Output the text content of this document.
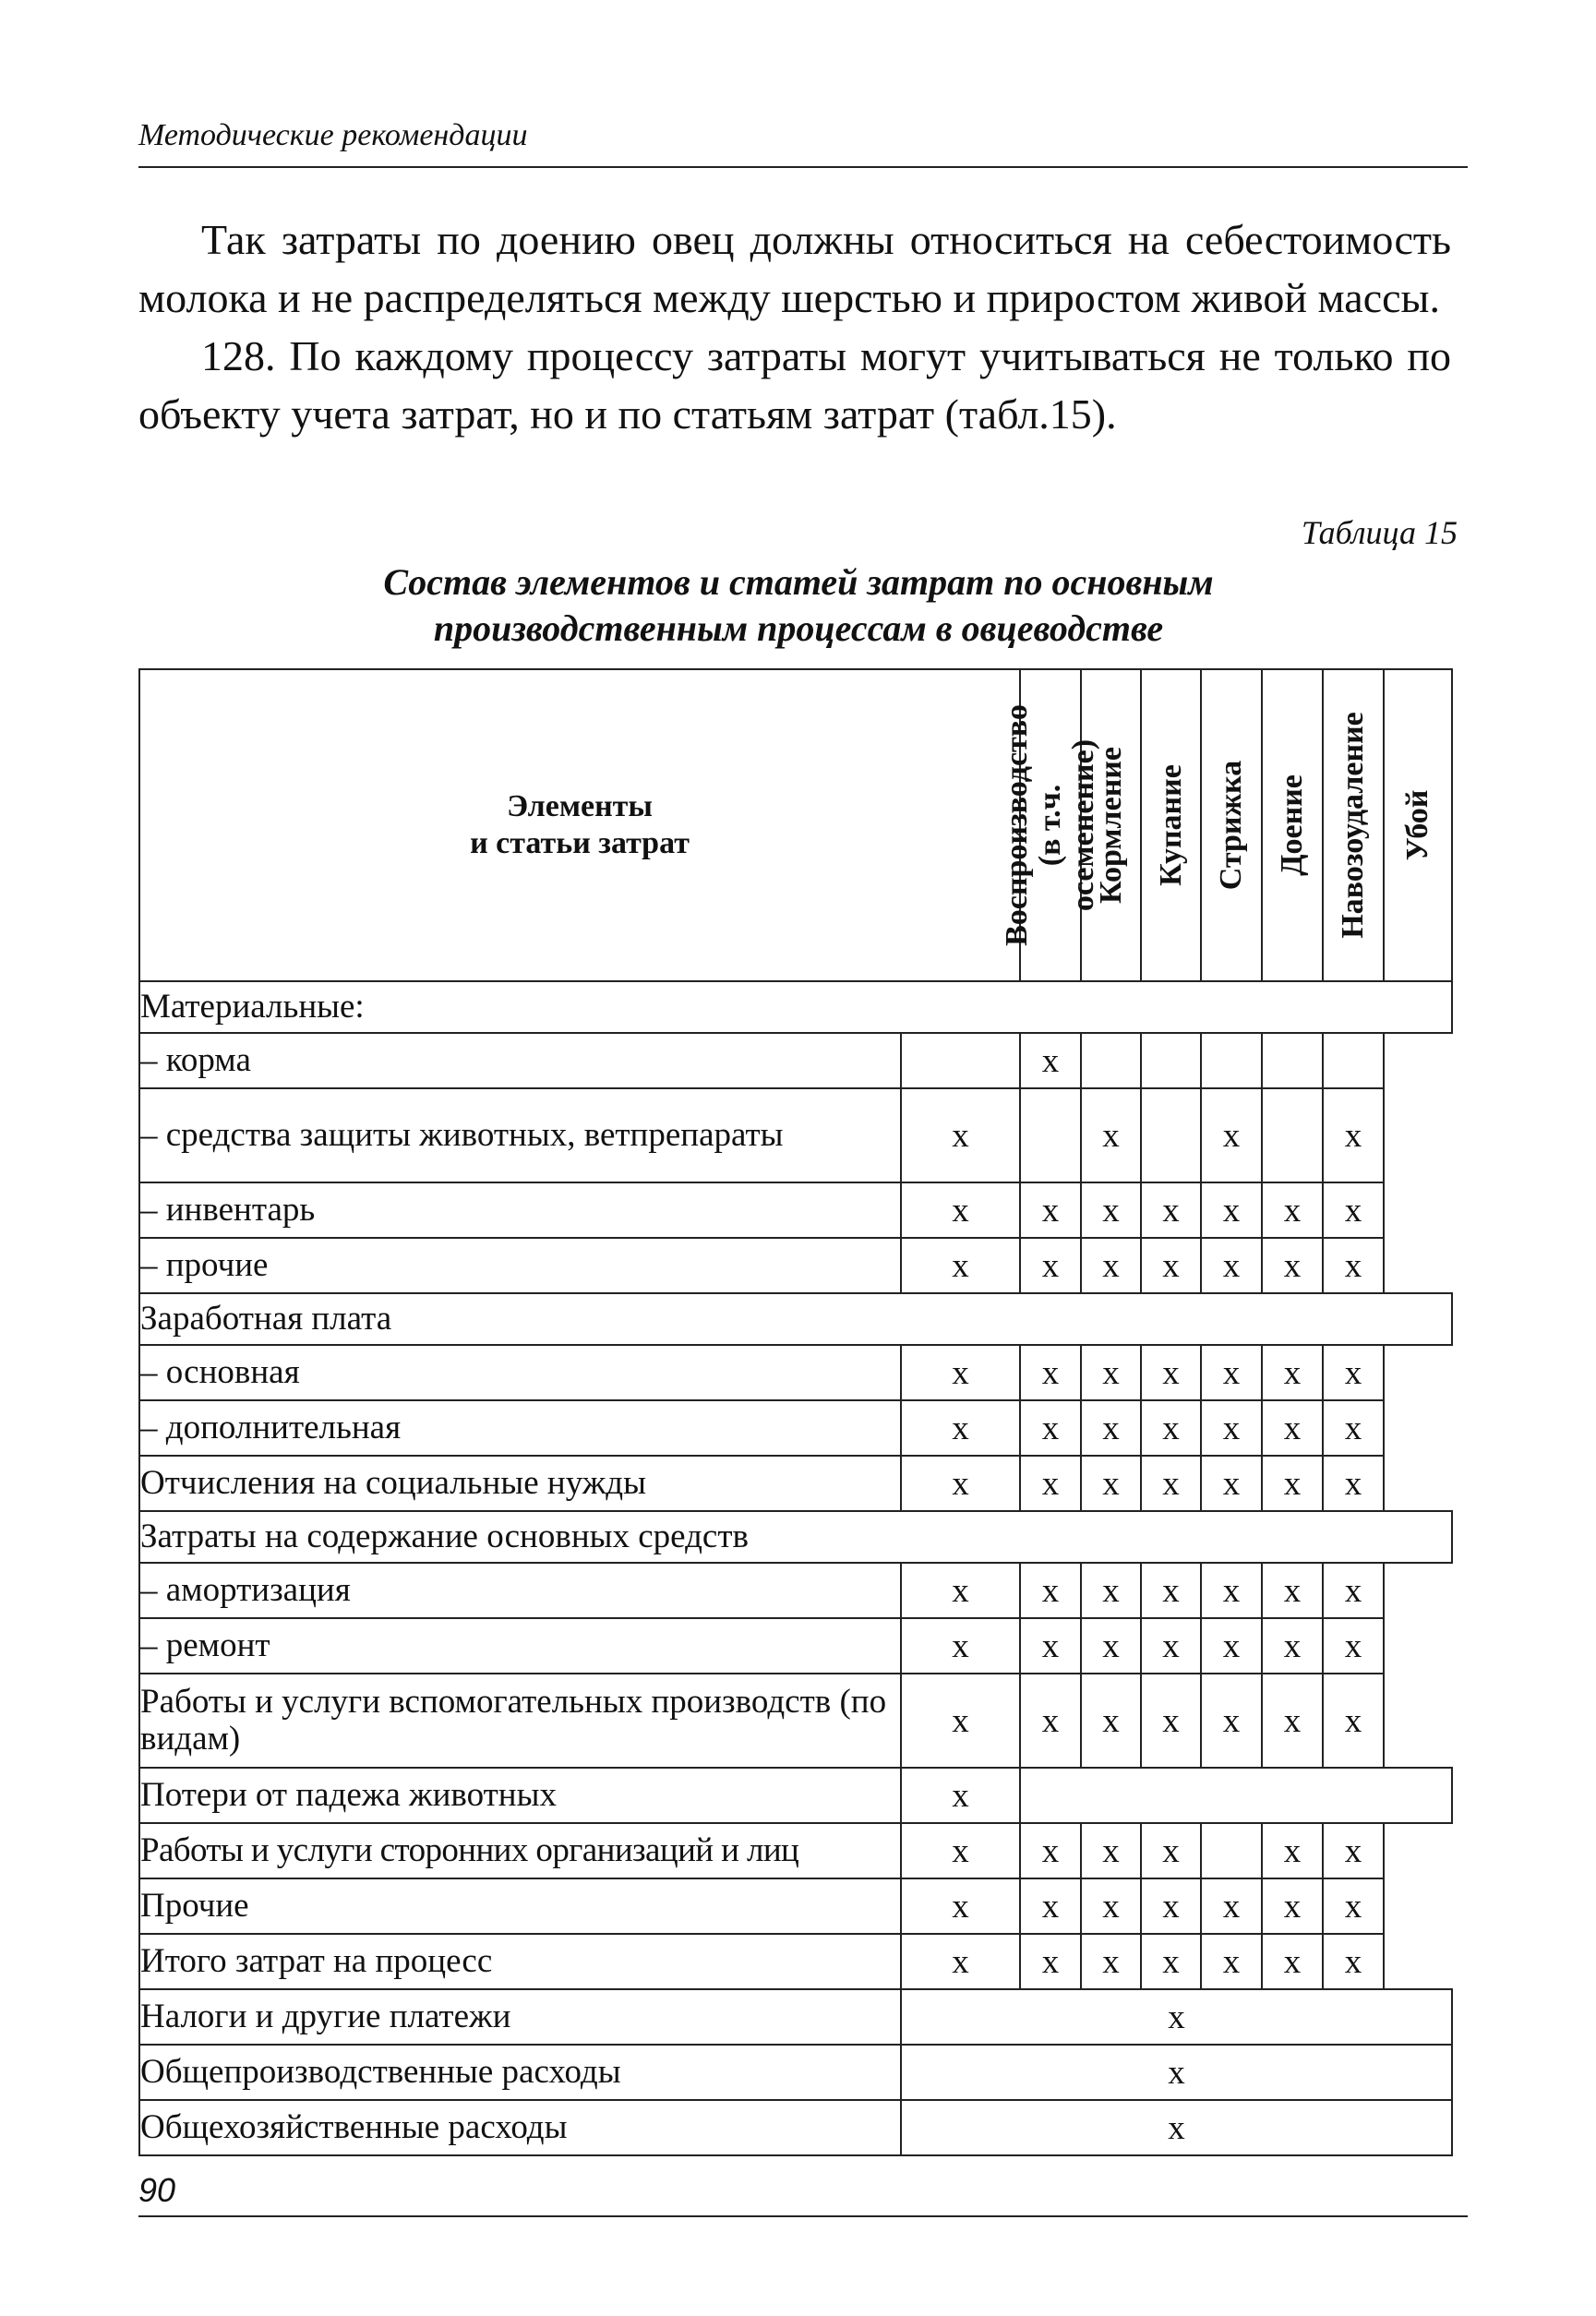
Методические рекомендации

Так затраты по доению овец должны относиться на себестоимость молока и не распределяться между шерстью и приростом живой массы.

128. По каждому процессу затраты могут учитываться не только по объекту учета затрат, но и по статьям затрат (табл.15).

Таблица 15
Состав элементов и статей затрат по основным
производственным процессам в овцеводстве
Элементы
и статьи затрат		Воспроизводство (в т.ч. осеменение)	Кормление	Купание	Стрижка	Доение	Навозоудаление	Убой

Материальные:								
– корма		х						
– средства защиты животных, ветпрепараты	х		х		х		х	
– инвентарь	х	х	х	х	х	х	х	
– прочие	х	х	х	х	х	х	х	
Заработная плата								
– основная	х	х	х	х	х	х	х	
– дополнительная	х	х	х	х	х	х	х	
Отчисления на социальные нужды	х	х	х	х	х	х	х	
Затраты на содержание основных средств								
– амортизация	х	х	х	х	х	х	х	
– ремонт	х	х	х	х	х	х	х	
Работы и услуги вспомогательных производств (по видам)	х	х	х	х	х	х	х	
Потери от падежа животных	х							
Работы и услуги сторонних организаций и лиц	х	х	х	х		х	х	
Прочие	х	х	х	х	х	х	х	
Итого затрат на процесс	х	х	х	х	х	х	х	
Налоги и другие платежи	х							
Общепроизводственные расходы	х							
Общехозяйственные расходы	х							
90
